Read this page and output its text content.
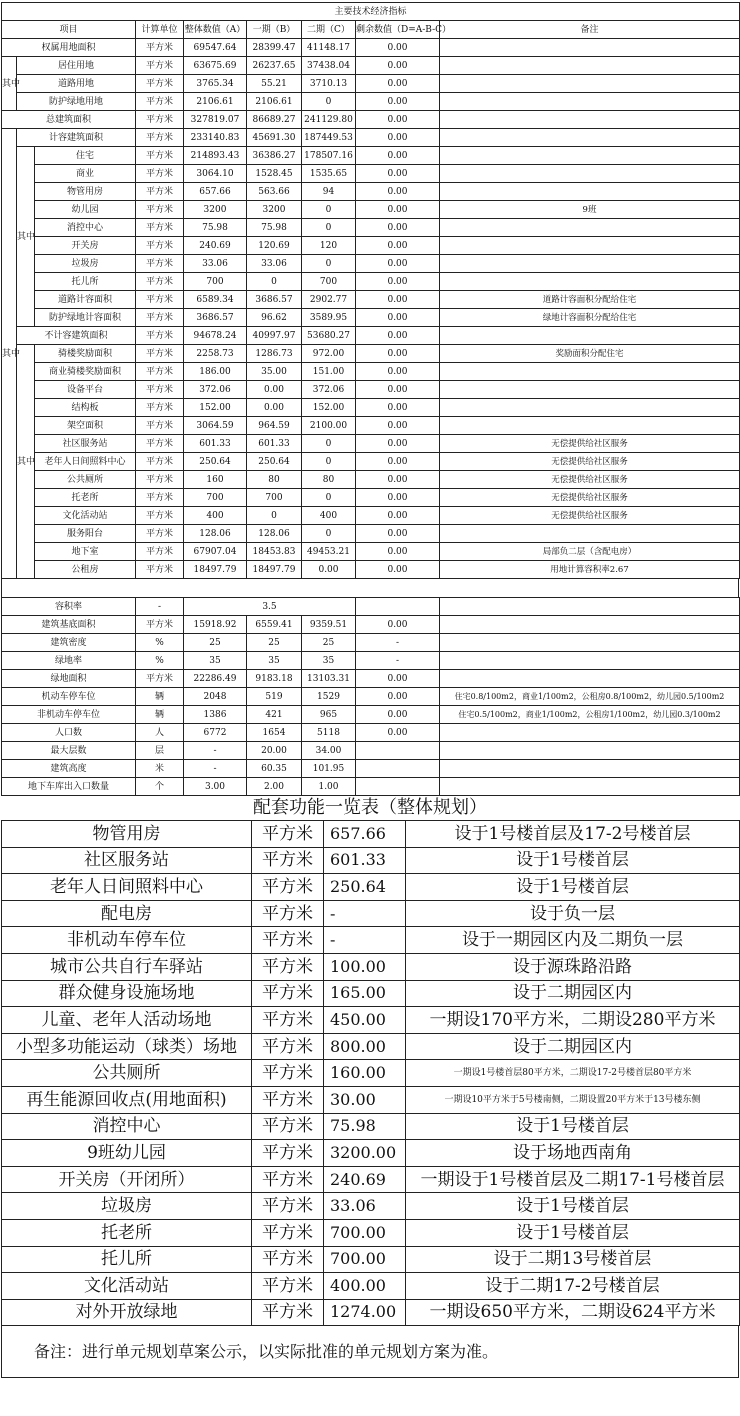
主要技术经济指标								
项目			计算单位	整体数值（A）	一期（B）	二期（C）	剩余数值（D=A-B-C）	备注
权属用地面积			平方米	69547.64	28399.47	41148.17	0.00	
其中	居住用地		平方米	63675.69	26237.65	37438.04	0.00	
	道路用地		平方米	3765.34	55.21	3710.13	0.00	
	防护绿地用地		平方米	2106.61	2106.61	0	0.00	
总建筑面积			平方米	327819.07	86689.27	241129.80	0.00	
其中	计容建筑面积		平方米	233140.83	45691.30	187449.53	0.00	
	其中	住宅	平方米	214893.43	36386.27	178507.16	0.00	
		商业	平方米	3064.10	1528.45	1535.65	0.00	
		物管用房	平方米	657.66	563.66	94	0.00	
		幼儿园	平方米	3200	3200	0	0.00	9班
		消控中心	平方米	75.98	75.98	0	0.00	
		开关房	平方米	240.69	120.69	120	0.00	
		垃圾房	平方米	33.06	33.06	0	0.00	
		托儿所	平方米	700	0	700	0.00	
		道路计容面积	平方米	6589.34	3686.57	2902.77	0.00	道路计容面积分配给住宅
		防护绿地计容面积	平方米	3686.57	96.62	3589.95	0.00	绿地计容面积分配给住宅
	不计容建筑面积		平方米	94678.24	40997.97	53680.27	0.00	
	其中	骑楼奖励面积	平方米	2258.73	1286.73	972.00	0.00	奖励面积分配住宅
		商业骑楼奖励面积	平方米	186.00	35.00	151.00	0.00	
		设备平台	平方米	372.06	0.00	372.06	0.00	
		结构板	平方米	152.00	0.00	152.00	0.00	
		架空面积	平方米	3064.59	964.59	2100.00	0.00	
		社区服务站	平方米	601.33	601.33	0	0.00	无偿提供给社区服务
		老年人日间照料中心	平方米	250.64	250.64	0	0.00	无偿提供给社区服务
		公共厕所	平方米	160	80	80	0.00	无偿提供给社区服务
		托老所	平方米	700	700	0	0.00	无偿提供给社区服务
		文化活动站	平方米	400	0	400	0.00	无偿提供给社区服务
		服务阳台	平方米	128.06	128.06	0	0.00	
		地下室	平方米	67907.04	18453.83	49453.21	0.00	局部负二层（含配电房）
		公租房	平方米	18497.79	18497.79	0.00	0.00	用地计算容积率2.67
容积率	-	3.5				
建筑基底面积	平方米	15918.92	6559.41	9359.51	0.00	
建筑密度	%	25	25	25	-	
绿地率	%	35	35	35	-	
绿地面积	平方米	22286.49	9183.18	13103.31	0.00	
机动车停车位	辆	2048	519	1529	0.00	住宅0.8/100m2，商业1/100m2，公租房0.8/100m2，幼儿园0.5/100m2
非机动车停车位	辆	1386	421	965	0.00	住宅0.5/100m2，商业1/100m2，公租房1/100m2，幼儿园0.3/100m2
人口数	人	6772	1654	5118	0.00	
最大层数	层	-	20.00	34.00		
建筑高度	米	-	60.35	101.95		
地下车库出入口数量	个	3.00	2.00	1.00		
配套功能一览表（整体规划）
物管用房	平方米	657.66	设于1号楼首层及17-2号楼首层
社区服务站	平方米	601.33	设于1号楼首层
老年人日间照料中心	平方米	250.64	设于1号楼首层
配电房	平方米	-	设于负一层
非机动车停车位	平方米	-	设于一期园区内及二期负一层
城市公共自行车驿站	平方米	100.00	设于源珠路沿路
群众健身设施场地	平方米	165.00	设于二期园区内
儿童、老年人活动场地	平方米	450.00	一期设170平方米，二期设280平方米
小型多功能运动（球类）场地	平方米	800.00	设于二期园区内
公共厕所	平方米	160.00	一期设1号楼首层80平方米，二期设17-2号楼首层80平方米
再生能源回收点(用地面积)	平方米	30.00	一期设10平方米于5号楼南侧，二期设置20平方米于13号楼东侧
消控中心	平方米	75.98	设于1号楼首层
9班幼儿园	平方米	3200.00	设于场地西南角
开关房（开闭所）	平方米	240.69	一期设于1号楼首层及二期17-1号楼首层
垃圾房	平方米	33.06	设于1号楼首层
托老所	平方米	700.00	设于1号楼首层
托儿所	平方米	700.00	设于二期13号楼首层
文化活动站	平方米	400.00	设于二期17-2号楼首层
对外开放绿地	平方米	1274.00	一期设650平方米，二期设624平方米
备注：进行单元规划草案公示，以实际批准的单元规划方案为准。
